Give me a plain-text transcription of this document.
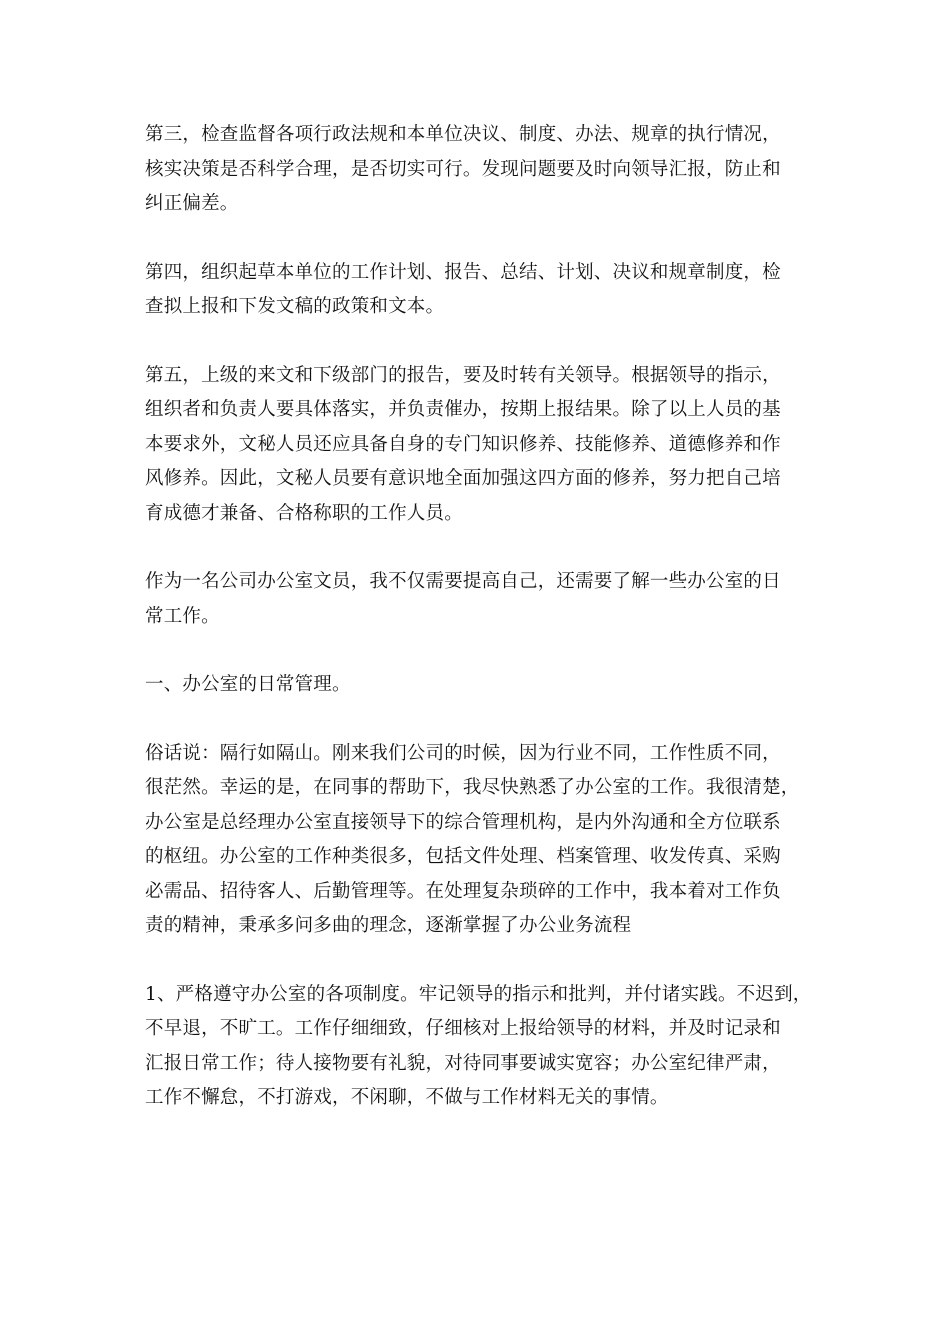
第三，检查监督各项行政法规和本单位决议、制度、办法、规章的执行情况，
核实决策是否科学合理，是否切实可行。发现问题要及时向领导汇报，防止和
纠正偏差。
第四，组织起草本单位的工作计划、报告、总结、计划、决议和规章制度，检
查拟上报和下发文稿的政策和文本。
第五，上级的来文和下级部门的报告，要及时转有关领导。根据领导的指示，
组织者和负责人要具体落实，并负责催办，按期上报结果。除了以上人员的基
本要求外，文秘人员还应具备自身的专门知识修养、技能修养、道德修养和作
风修养。因此，文秘人员要有意识地全面加强这四方面的修养，努力把自己培
育成德才兼备、合格称职的工作人员。
作为一名公司办公室文员，我不仅需要提高自己，还需要了解一些办公室的日
常工作。
一、办公室的日常管理。
俗话说：隔行如隔山。刚来我们公司的时候，因为行业不同，工作性质不同，
很茫然。幸运的是，在同事的帮助下，我尽快熟悉了办公室的工作。我很清楚，
办公室是总经理办公室直接领导下的综合管理机构，是内外沟通和全方位联系
的枢纽。办公室的工作种类很多，包括文件处理、档案管理、收发传真、采购
必需品、招待客人、后勤管理等。在处理复杂琐碎的工作中，我本着对工作负
责的精神，秉承多问多曲的理念，逐渐掌握了办公业务流程
1、严格遵守办公室的各项制度。牢记领导的指示和批判，并付诸实践。不迟到，
不早退，不旷工。工作仔细细致，仔细核对上报给领导的材料，并及时记录和
汇报日常工作；待人接物要有礼貌，对待同事要诚实宽容；办公室纪律严肃，
工作不懈怠，不打游戏，不闲聊，不做与工作材料无关的事情。
